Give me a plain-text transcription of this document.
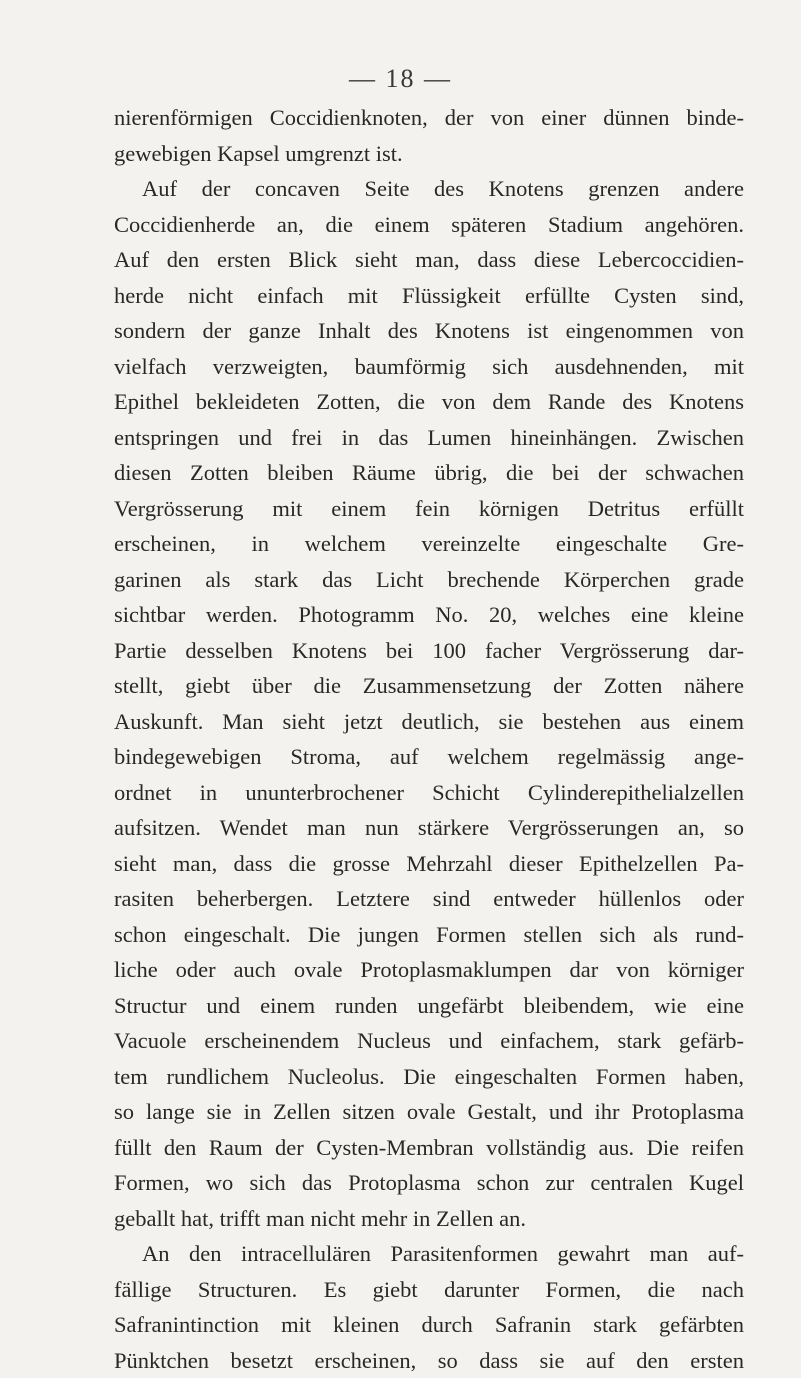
— 18 —
nierenförmigen Coccidienknoten, der von einer dünnen binde-
gewebigen Kapsel umgrenzt ist.
Auf der concaven Seite des Knotens grenzen andere
Coccidienherde an, die einem späteren Stadium angehören.
Auf den ersten Blick sieht man, dass diese Lebercoccidien-
herde nicht einfach mit Flüssigkeit erfüllte Cysten sind,
sondern der ganze Inhalt des Knotens ist eingenommen von
vielfach verzweigten, baumförmig sich ausdehnenden, mit
Epithel bekleideten Zotten, die von dem Rande des Knotens
entspringen und frei in das Lumen hineinhängen. Zwischen
diesen Zotten bleiben Räume übrig, die bei der schwachen
Vergrösserung mit einem fein körnigen Detritus erfüllt
erscheinen, in welchem vereinzelte eingeschalte Gre-
garinen als stark das Licht brechende Körperchen grade
sichtbar werden. Photogramm No. 20, welches eine kleine
Partie desselben Knotens bei 100 facher Vergrösserung dar-
stellt, giebt über die Zusammensetzung der Zotten nähere
Auskunft. Man sieht jetzt deutlich, sie bestehen aus einem
bindegewebigen Stroma, auf welchem regelmässig ange-
ordnet in ununterbrochener Schicht Cylinderepithelialzellen
aufsitzen. Wendet man nun stärkere Vergrösserungen an, so
sieht man, dass die grosse Mehrzahl dieser Epithelzellen Pa-
rasiten beherbergen. Letztere sind entweder hüllenlos oder
schon eingeschalt. Die jungen Formen stellen sich als rund-
liche oder auch ovale Protoplasmaklumpen dar von körniger
Structur und einem runden ungefärbt bleibendem, wie eine
Vacuole erscheinendem Nucleus und einfachem, stark gefärb-
tem rundlichem Nucleolus. Die eingeschalten Formen haben,
so lange sie in Zellen sitzen ovale Gestalt, und ihr Protoplasma
füllt den Raum der Cysten-Membran vollständig aus. Die reifen
Formen, wo sich das Protoplasma schon zur centralen Kugel
geballt hat, trifft man nicht mehr in Zellen an.
An den intracellulären Parasitenformen gewahrt man auf-
fällige Structuren. Es giebt darunter Formen, die nach
Safranintinction mit kleinen durch Safranin stark gefärbten
Pünktchen besetzt erscheinen, so dass sie auf den ersten
